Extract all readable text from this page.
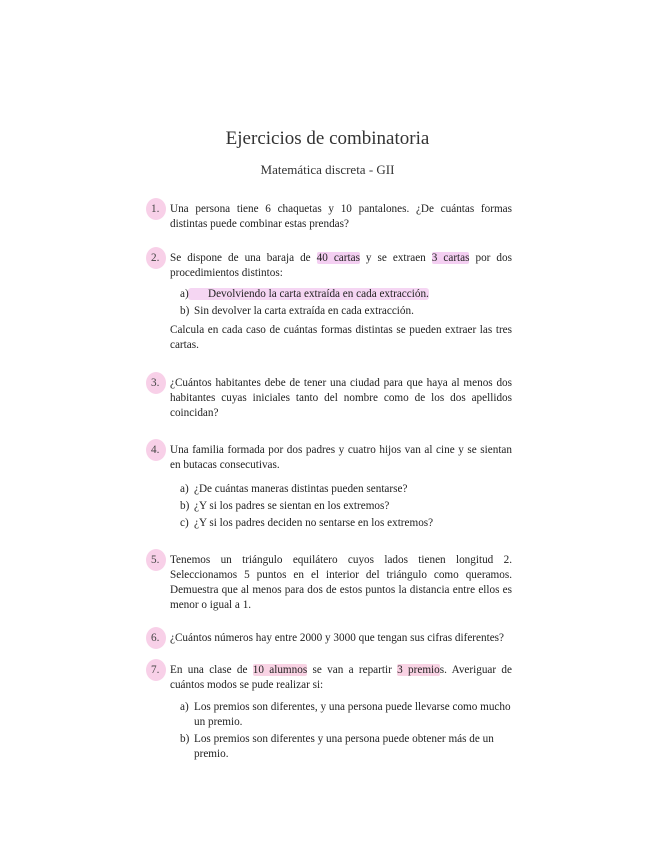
Ejercicios de combinatoria
Matemática discreta - GII
1. Una persona tiene 6 chaquetas y 10 pantalones. ¿De cuántas formas distintas puede combinar estas prendas?

2. Se dispone de una baraja de 40 cartas y se extraen 3 cartas por dos procedimientos distintos:

a) Devolviendo la carta extraída en cada extracción.
b) Sin devolver la carta extraída en cada extracción.

Calcula en cada caso de cuántas formas distintas se pueden extraer las tres cartas.

3. ¿Cuántos habitantes debe de tener una ciudad para que haya al menos dos habitantes cuyas iniciales tanto del nombre como de los dos apellidos coincidan?

4. Una familia formada por dos padres y cuatro hijos van al cine y se sientan en butacas consecutivas.

a) ¿De cuántas maneras distintas pueden sentarse?
b) ¿Y si los padres se sientan en los extremos?
c) ¿Y si los padres deciden no sentarse en los extremos?
5. Tenemos un triángulo equilátero cuyos lados tienen longitud 2. Seleccionamos 5 puntos en el interior del triángulo como queramos. Demuestra que al menos para dos de estos puntos la distancia entre ellos es menor o igual a 1.

6. ¿Cuántos números hay entre 2000 y 3000 que tengan sus cifras diferentes?

7. En una clase de 10 alumnos se van a repartir 3 premios. Averiguar de cuántos modos se pude realizar si:

a) Los premios son diferentes, y una persona puede llevarse como mucho un premio.
b) Los premios son diferentes y una persona puede obtener más de un premio.
